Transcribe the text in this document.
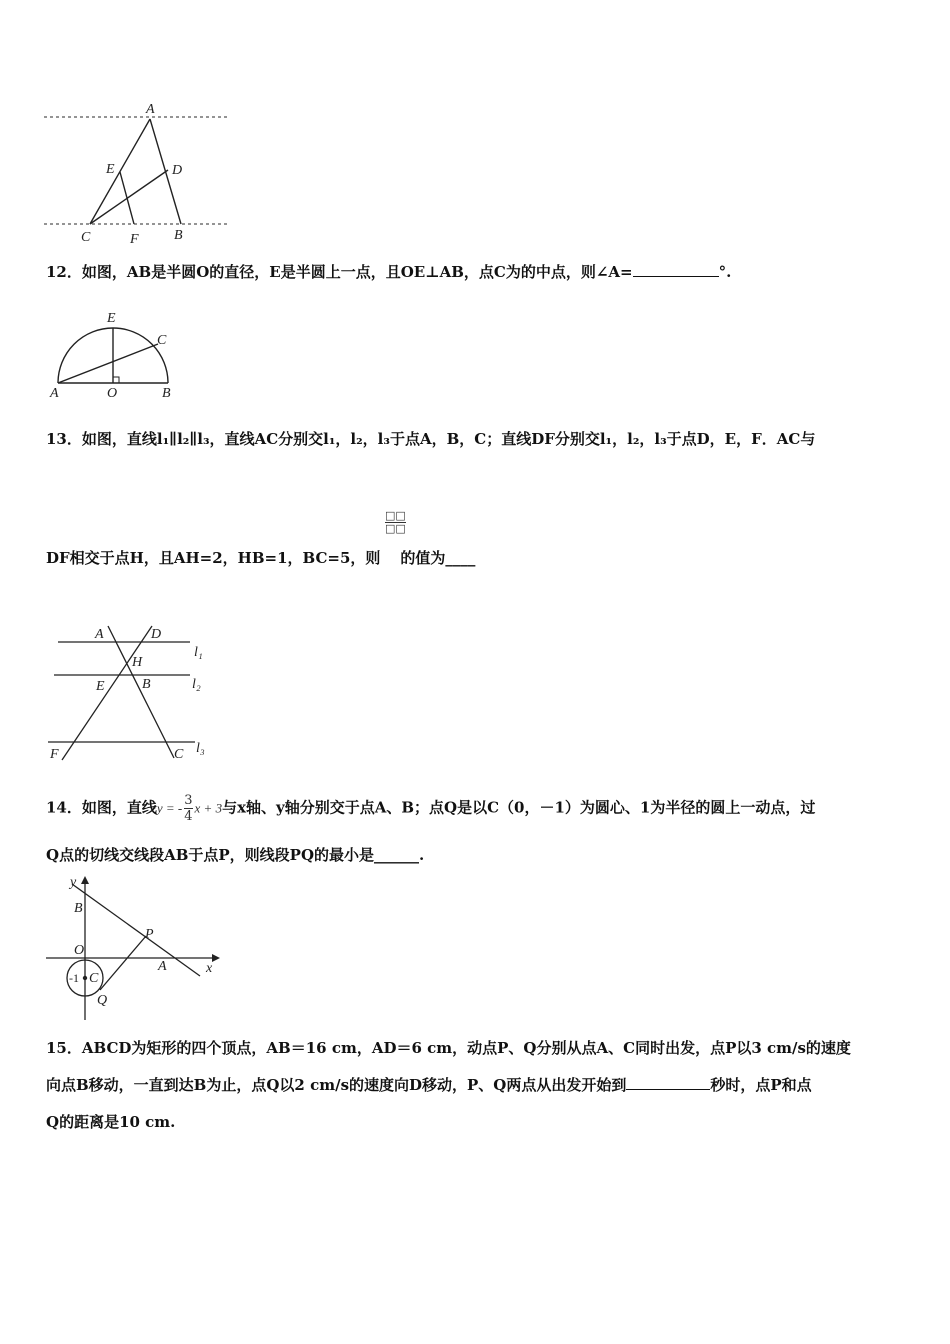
A
E	D
C	F	B
12．如图，AB是半圆O的直径，E是半圆上一点，且OE⊥AB，点C为的中点，则∠A=	°.
E
C
A	O	B
13．如图，直线l₁∥l₂∥l₃，直线AC分别交l₁，l₂，l₃于点A，B，C；直线DF分别交l₁，l₂，l₃于点D，E，F．AC与
□□
□□
DF相交于点H，且AH=2，HB=1，BC=5，则 的值为____
A	D
H
E	B
F	C
l₁
l₂
l₃
14．如图，直线y = - $\frac{3}{4}$ x + 3与x轴、y轴分别交于点A、B；点Q是以C（0，－1）为圆心、1为半径的圆上一动点，过
Q点的切线交线段AB于点P，则线段PQ的最小是______.
y
B
O
P
A	x
-1 C
Q
15．ABCD为矩形的四个顶点，AB＝16 cm，AD＝6 cm，动点P、Q分别从点A、C同时出发，点P以3 cm/s的速度
向点B移动，一直到达B为止，点Q以2 cm/s的速度向D移动，P、Q两点从出发开始到	秒时，点P和点
Q的距离是10 cm.
